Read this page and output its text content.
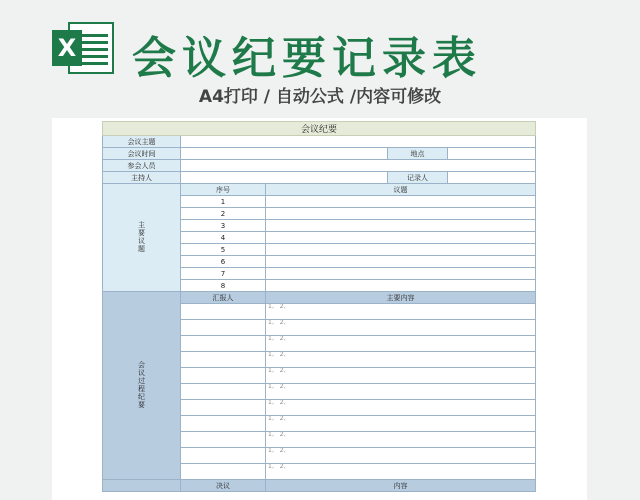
X 会议纪要记录表
A4打印 / 自动公式 /内容可修改
会议纪要				
会议主题				
会议时间			地点	
参会人员				
主持人			记录人	
主要议题	序号	议题		
	1			
	2			
	3			
	4			
	5			
	6			
	7			
	8			
会议过程纪要	汇报人	主要内容		
		1、 2、		
		1、 2、		
		1、 2、		
		1、 2、		
		1、 2、		
		1、 2、		
		1、 2、		
		1、 2、		
		1、 2、		
		1、 2、		
		1、 2、		
	决议	内容		
